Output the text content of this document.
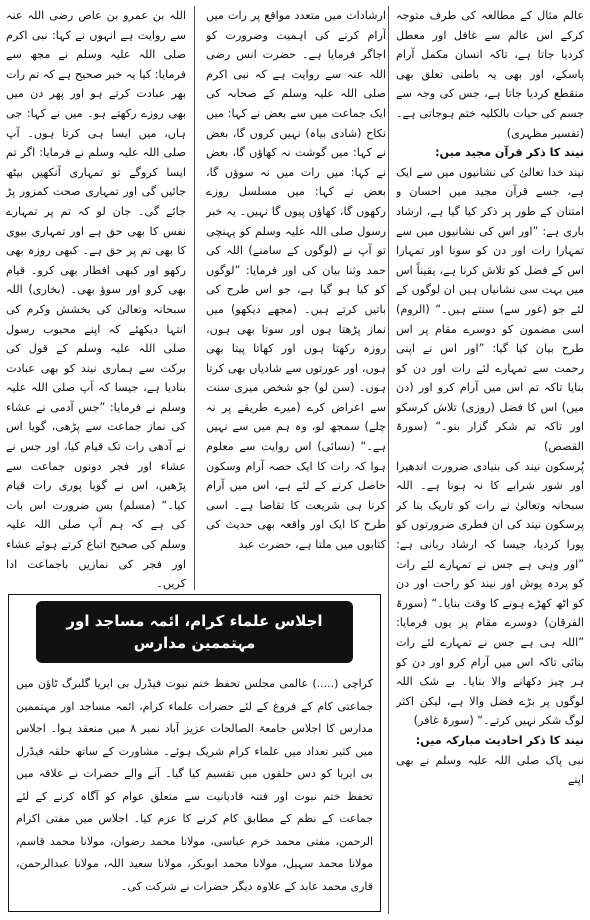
عالم مثال کے مطالعہ کی طرف متوجہ کرکے اس عالم سے غافل اور معطل کردیا جاتا ہے، تاکہ انسان مکمل آرام پاسکے، اور بھی یہ باطنی تعلق بھی منقطع کردیا جاتا ہے، جس کی وجہ سے جسم کی حیات بالکلیہ ختم ہوجاتی ہے۔ (تفسیر مظہری)

نیند کا ذکر قرآن مجید میں:

نیند خدا تعالیٰ کی نشانیوں میں سے ایک ہے، جسے قرآن مجید میں احسان و امتنان کے طور پر ذکر کیا گیا ہے، ارشاد باری ہے: ”اور اس کی نشانیوں میں سے تمہارا رات اور دن کو سونا اور تمہارا اس کے فضل کو تلاش کرنا ہے، یقیناً اس میں بہت سی نشانیاں ہیں ان لوگوں کے لئے جو (غور سے) سنتے ہیں۔“ (الروم) اسی مضمون کو دوسرے مقام پر اس طرح بیان کیا گیا: ”اور اس نے اپنی رحمت سے تمہارے لئے رات اور دن کو بنایا تاکہ تم اس میں آرام کرو اور (دن میں) اس کا فضل (روزی) تلاش کرسکو اور تاکہ تم شکر گزار بنو۔“ (سورۃ القصص)

پُرسکون نیند کی بنیادی ضرورت اندھیرا اور شور شرابے کا نہ ہونا ہے۔ اللہ سبحانہ وتعالیٰ نے رات کو تاریک بنا کر پرسکون نیند کی ان فطری ضرورتوں کو پورا کردیا، جیسا کہ ارشاد ربانی ہے: ”اور وہی ہے جس نے تمہارے لئے رات کو پردہ پوش اور نیند کو راحت اور دن کو اٹھ کھڑے ہونے کا وقت بنایا۔“ (سورۃ الفرقان) دوسرے مقام پر یوں فرمایا: ”اللہ ہی ہے جس نے تمہارے لئے رات بنائی تاکہ اس میں آرام کرو اور دن کو ہر چیز دکھانے والا بنایا۔ بے شک اللہ لوگوں پر بڑے فضل والا ہے، لیکن اکثر لوگ شکر نہیں کرتے۔“ (سورۃ غافر)

نیند کا ذکر احادیث مبارکہ میں:

نبی پاک صلی اللہ علیہ وسلم نے بھی اپنے

ارشادات میں متعدد مواقع پر رات میں آرام کرنے کی اہمیت وضرورت کو اجاگر فرمایا ہے۔ حضرت انس رضی اللہ عنہ سے روایت ہے کہ نبی اکرم صلی اللہ علیہ وسلم کے صحابہ کی ایک جماعت میں سے بعض نے کہا: میں نکاح (شادی بیاہ) نہیں کروں گا، بعض نے کہا: میں گوشت نہ کھاؤں گا، بعض نے کہا: میں رات میں نہ سوؤں گا، بعض نے کہا: میں مسلسل روزے رکھوں گا، کھاؤں پیوں گا نہیں۔ یہ خبر رسول صلی اللہ علیہ وسلم کو پہنچی تو آپ نے (لوگوں کے سامنے) اللہ کی حمد وثنا بیان کی اور فرمایا: ”لوگوں کو کیا ہو گیا ہے، جو اس طرح کی باتیں کرتے ہیں۔ (مجھے دیکھو) میں نماز پڑھتا ہوں اور سوتا بھی ہوں، روزہ رکھتا ہوں اور کھاتا پیتا بھی ہوں، اور عورتوں سے شادیاں بھی کرتا ہوں۔ (سن لو) جو شخص میری سنت سے اعراض کرے (میرے طریقے پر نہ چلے) سمجھ لو، وہ ہم میں سے نہیں ہے۔“ (نسائی) اس روایت سے معلوم ہوا کہ رات کا ایک حصہ آرام وسکون حاصل کرنے کے لئے ہے، اس میں آرام کرنا ہی شریعت کا تقاضا ہے۔ اسی طرح کا ایک اور واقعہ بھی حدیث کی کتابوں میں ملتا ہے، حضرت عبد

اللہ بن عمرو بن عاص رضی اللہ عنہ سے روایت ہے انہوں نے کہا: نبی اکرم صلی اللہ علیہ وسلم نے مجھ سے فرمایا: کیا یہ خبر صحیح ہے کہ تم رات بھر عبادت کرتے ہو اور پھر دن میں بھی روزے رکھتے ہو۔ میں نے کہا: جی ہاں، میں ایسا ہی کرتا ہوں۔ آپ صلی اللہ علیہ وسلم نے فرمایا: اگر تم ایسا کروگے تو تمہاری آنکھیں بیٹھ جائیں گی اور تمہاری صحت کمزور پڑ جائے گی۔ جان لو کہ تم پر تمہارے نفس کا بھی حق ہے اور تمہاری بیوی کا بھی تم پر حق ہے۔ کبھی روزہ بھی رکھو اور کبھی افطار بھی کرو۔ قیام بھی کرو اور سوؤ بھی۔ (بخاری) اللہ سبحانہ وتعالیٰ کی بخشش وکرم کی انتہا دیکھئے کہ اپنے محبوب رسول صلی اللہ علیہ وسلم کے قول کی برکت سے ہماری نیند کو بھی عبادت بنادیا ہے، جیسا کہ آپ صلی اللہ علیہ وسلم نے فرمایا: ”جس آدمی نے عشاء کی نماز جماعت سے پڑھی، گویا اس نے آدھی رات تک قیام کیا، اور جس نے عشاء اور فجر دونوں جماعت سے پڑھیں، اس نے گویا پوری رات قیام کیا۔“ (مسلم) بس ضرورت اس بات کی ہے کہ ہم آپ صلی اللہ علیہ وسلم کی صحیح اتباع کرتے ہوئے عشاء اور فجر کی نمازیں باجماعت ادا کریں۔

اجلاس علماء کرام، ائمہ مساجد اور مہتممین مدارس
کراچی (.....) عالمی مجلس تحفظ ختم نبوت فیڈرل بی ایریا گلبرگ ٹاؤن میں جماعتی کام کے فروغ کے لئے حضرات علماء کرام، ائمہ مساجد اور مہتممین مدارس کا اجلاس جامعۃ الصالحات عزیز آباد نمبر ۸ میں منعقد ہوا۔ اجلاس میں کثیر تعداد میں علماء کرام شریک ہوئے۔ مشاورت کے ساتھ حلقہ فیڈرل بی ایریا کو دس حلقوں میں تقسیم کیا گیا۔ آنے والے حضرات نے علاقہ میں تحفظ ختم نبوت اور فتنہ قادیانیت سے متعلق عوام کو آگاہ کرنے کے لئے جماعت کے نظم کے مطابق کام کرنے کا عزم کیا۔ اجلاس میں مفتی اکرام الرحمن، مفتی محمد خرم عباسی، مولانا محمد رضوان، مولانا محمد قاسم، مولانا محمد سہیل، مولانا محمد ابوبکر، مولانا سعید اللہ، مولانا عبدالرحمن، قاری محمد عابد کے علاوہ دیگر حضرات نے شرکت کی۔
